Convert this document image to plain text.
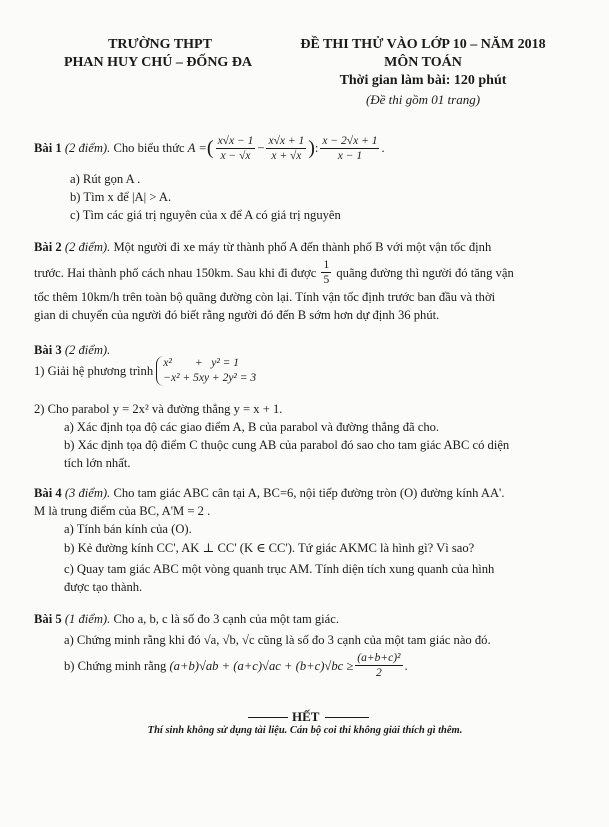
TRƯỜNG THPT
PHAN HUY CHÚ – ĐỐNG ĐA
ĐỀ THI THỬ VÀO LỚP 10 – NĂM 2018
MÔN TOÁN
Thời gian làm bài: 120 phút
(Đề thi gồm 01 trang)
Bài 1
(2 điểm).
Cho biểu thức
A = ( $\frac{x√x - 1}{x - √x} - \frac{x√x + 1}{x + √x}$ ) : $\frac{x - 2√x + 1}{x - 1}$ .
a) Rút gọn A .
b) Tìm x để |A| > A.
c) Tìm các giá trị nguyên của x để A có giá trị nguyên
Bài 2 (2 điểm). Một người đi xe máy từ thành phố A đến thành phố B với một vận tốc định
trước. Hai thành phố cách nhau 150km. Sau khi đi được
$\frac{1}{5}$
quãng đường thì người đó tăng vận
tốc thêm 10km/h trên toàn bộ quãng đường còn lại. Tính vận tốc định trước ban đầu và thời
gian di chuyển của người đó biết rằng người đó đến B sớm hơn dự định 36 phút.
Bài 3 (2 điểm).
1) Giải hệ phương trình

x²        +   y² = 1
−x² + 5xy + 2y² = 3
2) Cho parabol y = 2x² và đường thẳng y = x + 1.
a) Xác định tọa độ các giao điểm A, B của parabol và đường thẳng đã cho.
b) Xác định tọa độ điểm C thuộc cung AB của parabol đó sao cho tam giác ABC có diện
tích lớn nhất.
Bài 4 (3 điểm). Cho tam giác ABC cân tại A, BC=6, nội tiếp đường tròn (O) đường kính AA'.
M là trung điểm của BC, A'M = 2 .
a) Tính bán kính của (O).
b) Kẻ đường kính CC', AK ⊥ CC' (K ∈ CC'). Tứ giác AKMC là hình gì? Vì sao?
c) Quay tam giác ABC một vòng quanh trục AM. Tính diện tích xung quanh của hình
được tạo thành.
Bài 5 (1 điểm). Cho a, b, c là số đo 3 cạnh của một tam giác.
a) Chứng minh rằng khi đó √a, √b, √c cũng là số đo 3 cạnh của một tam giác nào đó.
b) Chứng minh rằng
$(a+b)√ab + (a+c)√ac + (b+c)√bc \ge \frac{\text{(a+b+c)²}}{2}$ .
HẾT
Thí sinh không sử dụng tài liệu. Cán bộ coi thi không giải thích gì thêm.
